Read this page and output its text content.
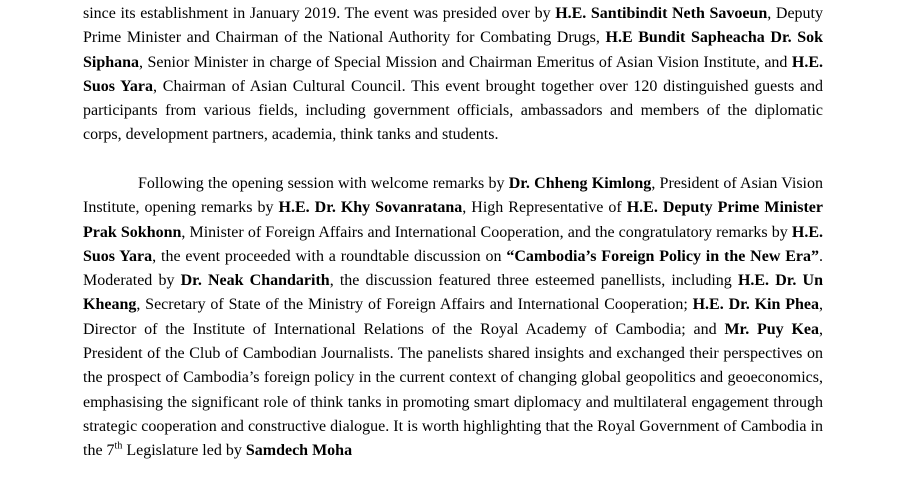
since its establishment in January 2019. The event was presided over by H.E. Santibindit Neth Savoeun, Deputy Prime Minister and Chairman of the National Authority for Combating Drugs, H.E Bundit Sapheacha Dr. Sok Siphana, Senior Minister in charge of Special Mission and Chairman Emeritus of Asian Vision Institute, and H.E. Suos Yara, Chairman of Asian Cultural Council. This event brought together over 120 distinguished guests and participants from various fields, including government officials, ambassadors and members of the diplomatic corps, development partners, academia, think tanks and students.

Following the opening session with welcome remarks by Dr. Chheng Kimlong, President of Asian Vision Institute, opening remarks by H.E. Dr. Khy Sovanratana, High Representative of H.E. Deputy Prime Minister Prak Sokhonn, Minister of Foreign Affairs and International Cooperation, and the congratulatory remarks by H.E. Suos Yara, the event proceeded with a roundtable discussion on “Cambodia’s Foreign Policy in the New Era”. Moderated by Dr. Neak Chandarith, the discussion featured three esteemed panellists, including H.E. Dr. Un Kheang, Secretary of State of the Ministry of Foreign Affairs and International Cooperation; H.E. Dr. Kin Phea, Director of the Institute of International Relations of the Royal Academy of Cambodia; and Mr. Puy Kea, President of the Club of Cambodian Journalists. The panelists shared insights and exchanged their perspectives on the prospect of Cambodia’s foreign policy in the current context of changing global geopolitics and geoeconomics, emphasising the significant role of think tanks in promoting smart diplomacy and multilateral engagement through strategic cooperation and constructive dialogue. It is worth highlighting that the Royal Government of Cambodia in the 7th Legislature led by Samdech Moha
